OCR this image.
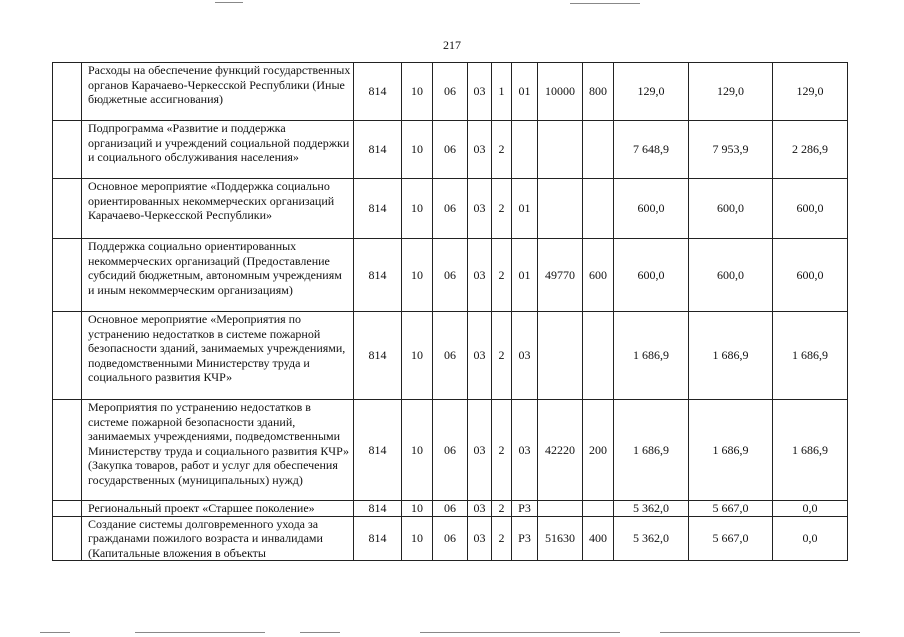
217
	Расходы на обеспечение функций государственных органов Карачаево-Черкесской Республики (Иные бюджетные ассигнования)	814	10	06	03	1	01	10000	800	129,0	129,0	129,0
	Подпрограмма «Развитие и поддержка организаций и учреждений социальной поддержки и социального обслуживания населения»	814	10	06	03	2				7 648,9	7 953,9	2 286,9
	Основное мероприятие «Поддержка социально ориентированных некоммерческих организаций Карачаево-Черкесской Республики»	814	10	06	03	2	01			600,0	600,0	600,0
	Поддержка социально ориентированных некоммерческих организаций (Предоставление субсидий бюджетным, автономным учреждениям и иным некоммерческим организациям)	814	10	06	03	2	01	49770	600	600,0	600,0	600,0
	Основное мероприятие «Мероприятия по устранению недостатков в системе пожарной безопасности зданий, занимаемых учреждениями, подведомственными Министерству труда и социального развития КЧР»	814	10	06	03	2	03			1 686,9	1 686,9	1 686,9
	Мероприятия по устранению недостатков в системе пожарной безопасности зданий, занимаемых учреждениями, подведомственными Министерству труда и социального развития КЧР» (Закупка товаров, работ и услуг для обеспечения государственных (муниципальных) нужд)	814	10	06	03	2	03	42220	200	1 686,9	1 686,9	1 686,9
	Региональный проект «Старшее поколение»	814	10	06	03	2	P3			5 362,0	5 667,0	0,0
	Создание системы долговременного ухода за гражданами пожилого возраста и инвалидами (Капитальные вложения в объекты	814	10	06	03	2	P3	51630	400	5 362,0	5 667,0	0,0
